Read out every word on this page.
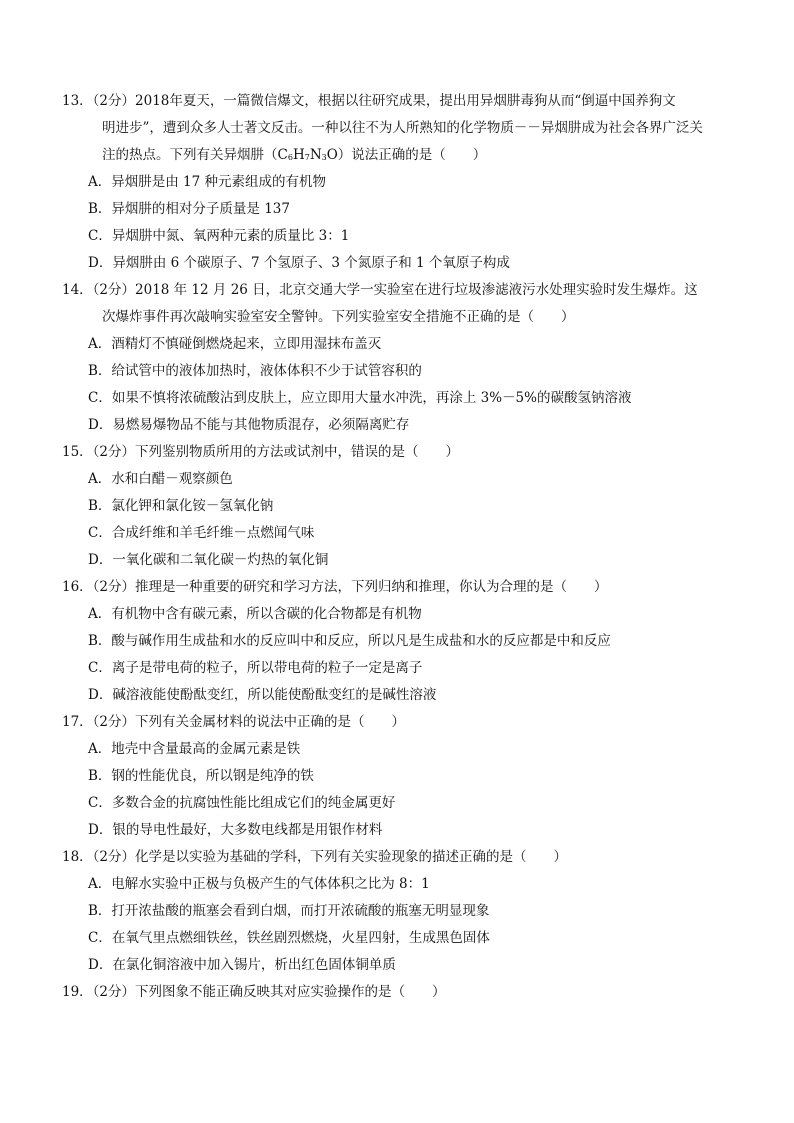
13．（2分）2018年夏天，一篇微信爆文，根据以往研究成果，提出用异烟肼毒狗从而“倒逼中国养狗文
明进步”，遭到众多人士著文反击。一种以往不为人所熟知的化学物质－－异烟肼成为社会各界广泛关
注的热点。下列有关异烟肼$(C_6H_7N_3O)$说法正确的是（　　）
A．异烟肼是由 17 种元素组成的有机物
B．异烟肼的相对分子质量是 137
C．异烟肼中氮、氧两种元素的质量比 3：1
D．异烟肼由 6 个碳原子、7 个氢原子、3 个氮原子和 1 个氧原子构成
14．（2分）2018 年 12 月 26 日，北京交通大学一实验室在进行垃圾渗滤液污水处理实验时发生爆炸。这
次爆炸事件再次敲响实验室安全警钟。下列实验室安全措施不正确的是（　　）
A．酒精灯不慎碰倒燃烧起来，立即用湿抹布盖灭
B．给试管中的液体加热时，液体体积不少于试管容积的
C．如果不慎将浓硫酸沾到皮肤上，应立即用大量水冲洗，再涂上 3%－5%的碳酸氢钠溶液
D．易燃易爆物品不能与其他物质混存，必须隔离贮存
15．（2分）下列鉴别物质所用的方法或试剂中，错误的是（　　）
A．水和白醋－观察颜色
B．氯化钾和氯化铵－氢氧化钠
C．合成纤维和羊毛纤维－点燃闻气味
D．一氧化碳和二氧化碳－灼热的氧化铜
16．（2分）推理是一种重要的研究和学习方法，下列归纳和推理，你认为合理的是（　　）
A．有机物中含有碳元素，所以含碳的化合物都是有机物
B．酸与碱作用生成盐和水的反应叫中和反应，所以凡是生成盐和水的反应都是中和反应
C．离子是带电荷的粒子，所以带电荷的粒子一定是离子
D．碱溶液能使酚酞变红，所以能使酚酞变红的是碱性溶液
17．（2分）下列有关金属材料的说法中正确的是（　　）
A．地壳中含量最高的金属元素是铁
B．钢的性能优良，所以钢是纯净的铁
C．多数合金的抗腐蚀性能比组成它们的纯金属更好
D．银的导电性最好，大多数电线都是用银作材料
18．（2分）化学是以实验为基础的学科，下列有关实验现象的描述正确的是（　　）
A．电解水实验中正极与负极产生的气体体积之比为 8：1
B．打开浓盐酸的瓶塞会看到白烟，而打开浓硫酸的瓶塞无明显现象
C．在氧气里点燃细铁丝，铁丝剧烈燃烧，火星四射，生成黑色固体
D．在氯化铜溶液中加入锡片，析出红色固体铜单质
19．（2分）下列图象不能正确反映其对应实验操作的是（　　）
